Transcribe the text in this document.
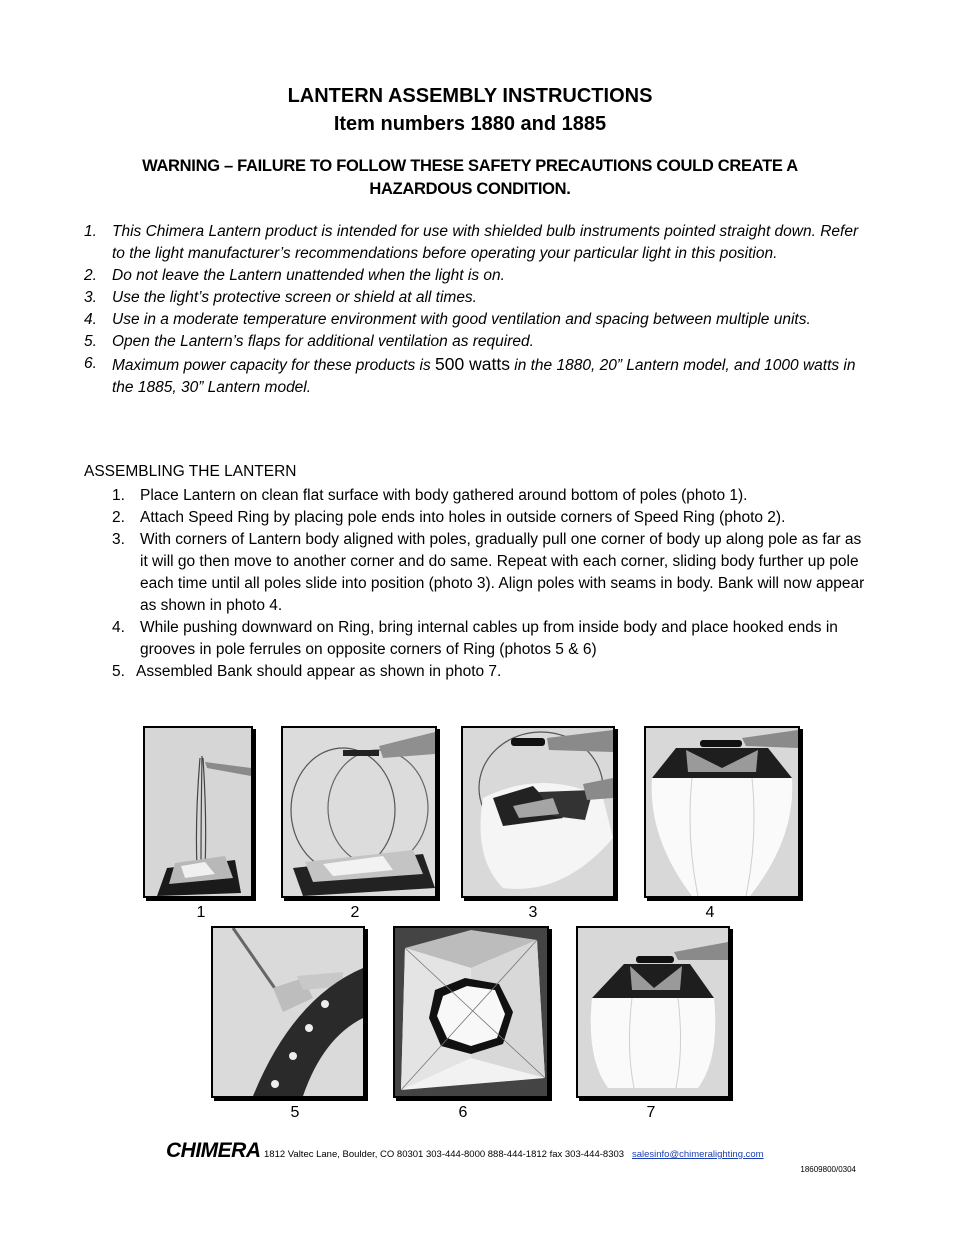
LANTERN ASSEMBLY INSTRUCTIONS
Item numbers 1880 and 1885
WARNING – FAILURE TO FOLLOW THESE SAFETY PRECAUTIONS COULD CREATE A
HAZARDOUS CONDITION.
1. This Chimera Lantern product is intended for use with shielded bulb instruments pointed straight down. Refer to the light manufacturer’s recommendations before operating your particular light in this position.
2. Do not leave the Lantern unattended when the light is on.
3. Use the light’s protective screen or shield at all times.
4. Use in a moderate temperature environment with good ventilation and spacing between multiple units.
5. Open the Lantern’s flaps for additional ventilation as required.
6. Maximum power capacity for these products is 500 watts in the 1880, 20” Lantern model, and 1000 watts in the 1885, 30” Lantern model.
ASSEMBLING THE LANTERN
1. Place Lantern on clean flat surface with body gathered around bottom of poles (photo 1).
2. Attach Speed Ring by placing pole ends into holes in outside corners of Speed Ring (photo 2).
3. With corners of Lantern body aligned with poles, gradually pull one corner of body up along pole as far as it will go then move to another corner and do same. Repeat with each corner, sliding body further up pole each time until all poles slide into position (photo 3). Align poles with seams in body. Bank will now appear as shown in photo 4.
4. While pushing downward on Ring, bring internal cables up from inside body and place hooked ends in grooves in pole ferrules on opposite corners of Ring (photos 5 & 6)
5. Assembled Bank should appear as shown in photo 7.
1	2	3	4
5	6	7
CHIMERA 1812 Valtec Lane, Boulder, CO 80301 303-444-8000 888-444-1812 fax 303-444-8303 salesinfo@chimeralighting.com
18609800/0304
